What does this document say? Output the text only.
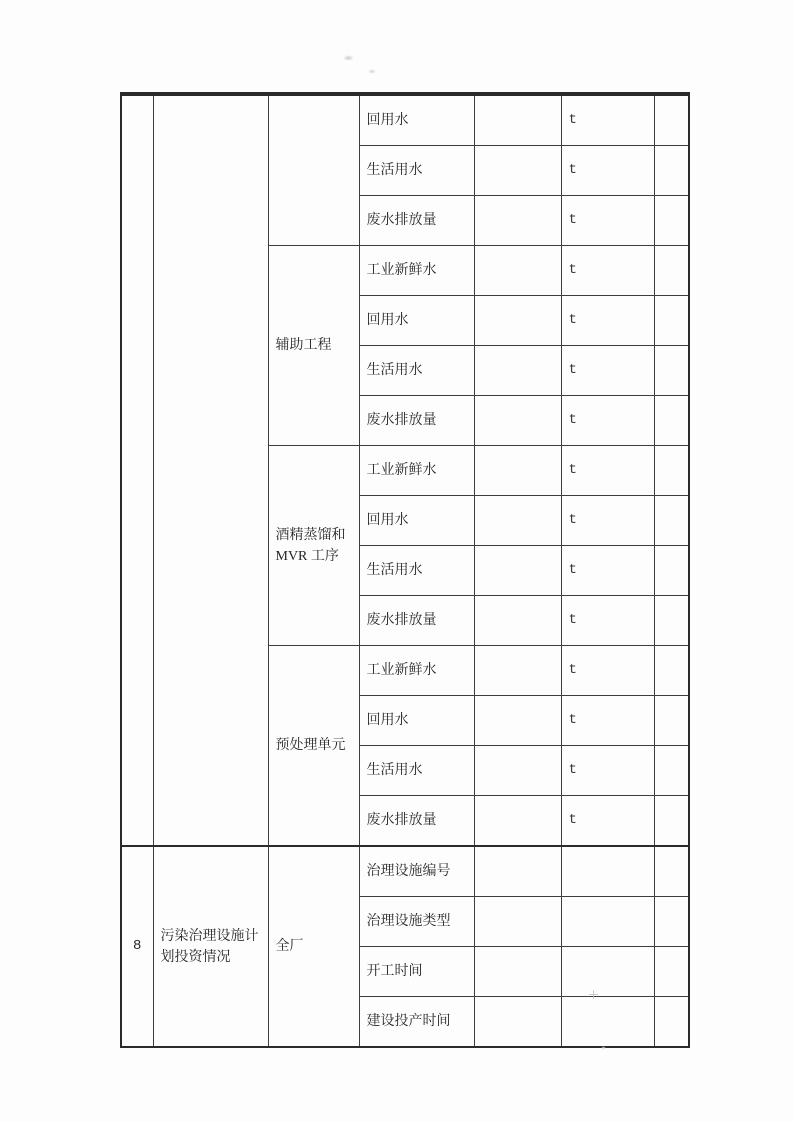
			回用水		t	
			生活用水		t	
			废水排放量		t	
		辅助工程	工业新鲜水		t	
			回用水		t	
			生活用水		t	
			废水排放量		t	
		酒精蒸馏和MVR 工序	工业新鲜水		t	
			回用水		t	
			生活用水		t	
			废水排放量		t	
		预处理单元	工业新鲜水		t	
			回用水		t	
			生活用水		t	
			废水排放量		t	
8	污染治理设施计划投资情况	全厂	治理设施编号			
			治理设施类型			
			开工时间			
			建设投产时间			
